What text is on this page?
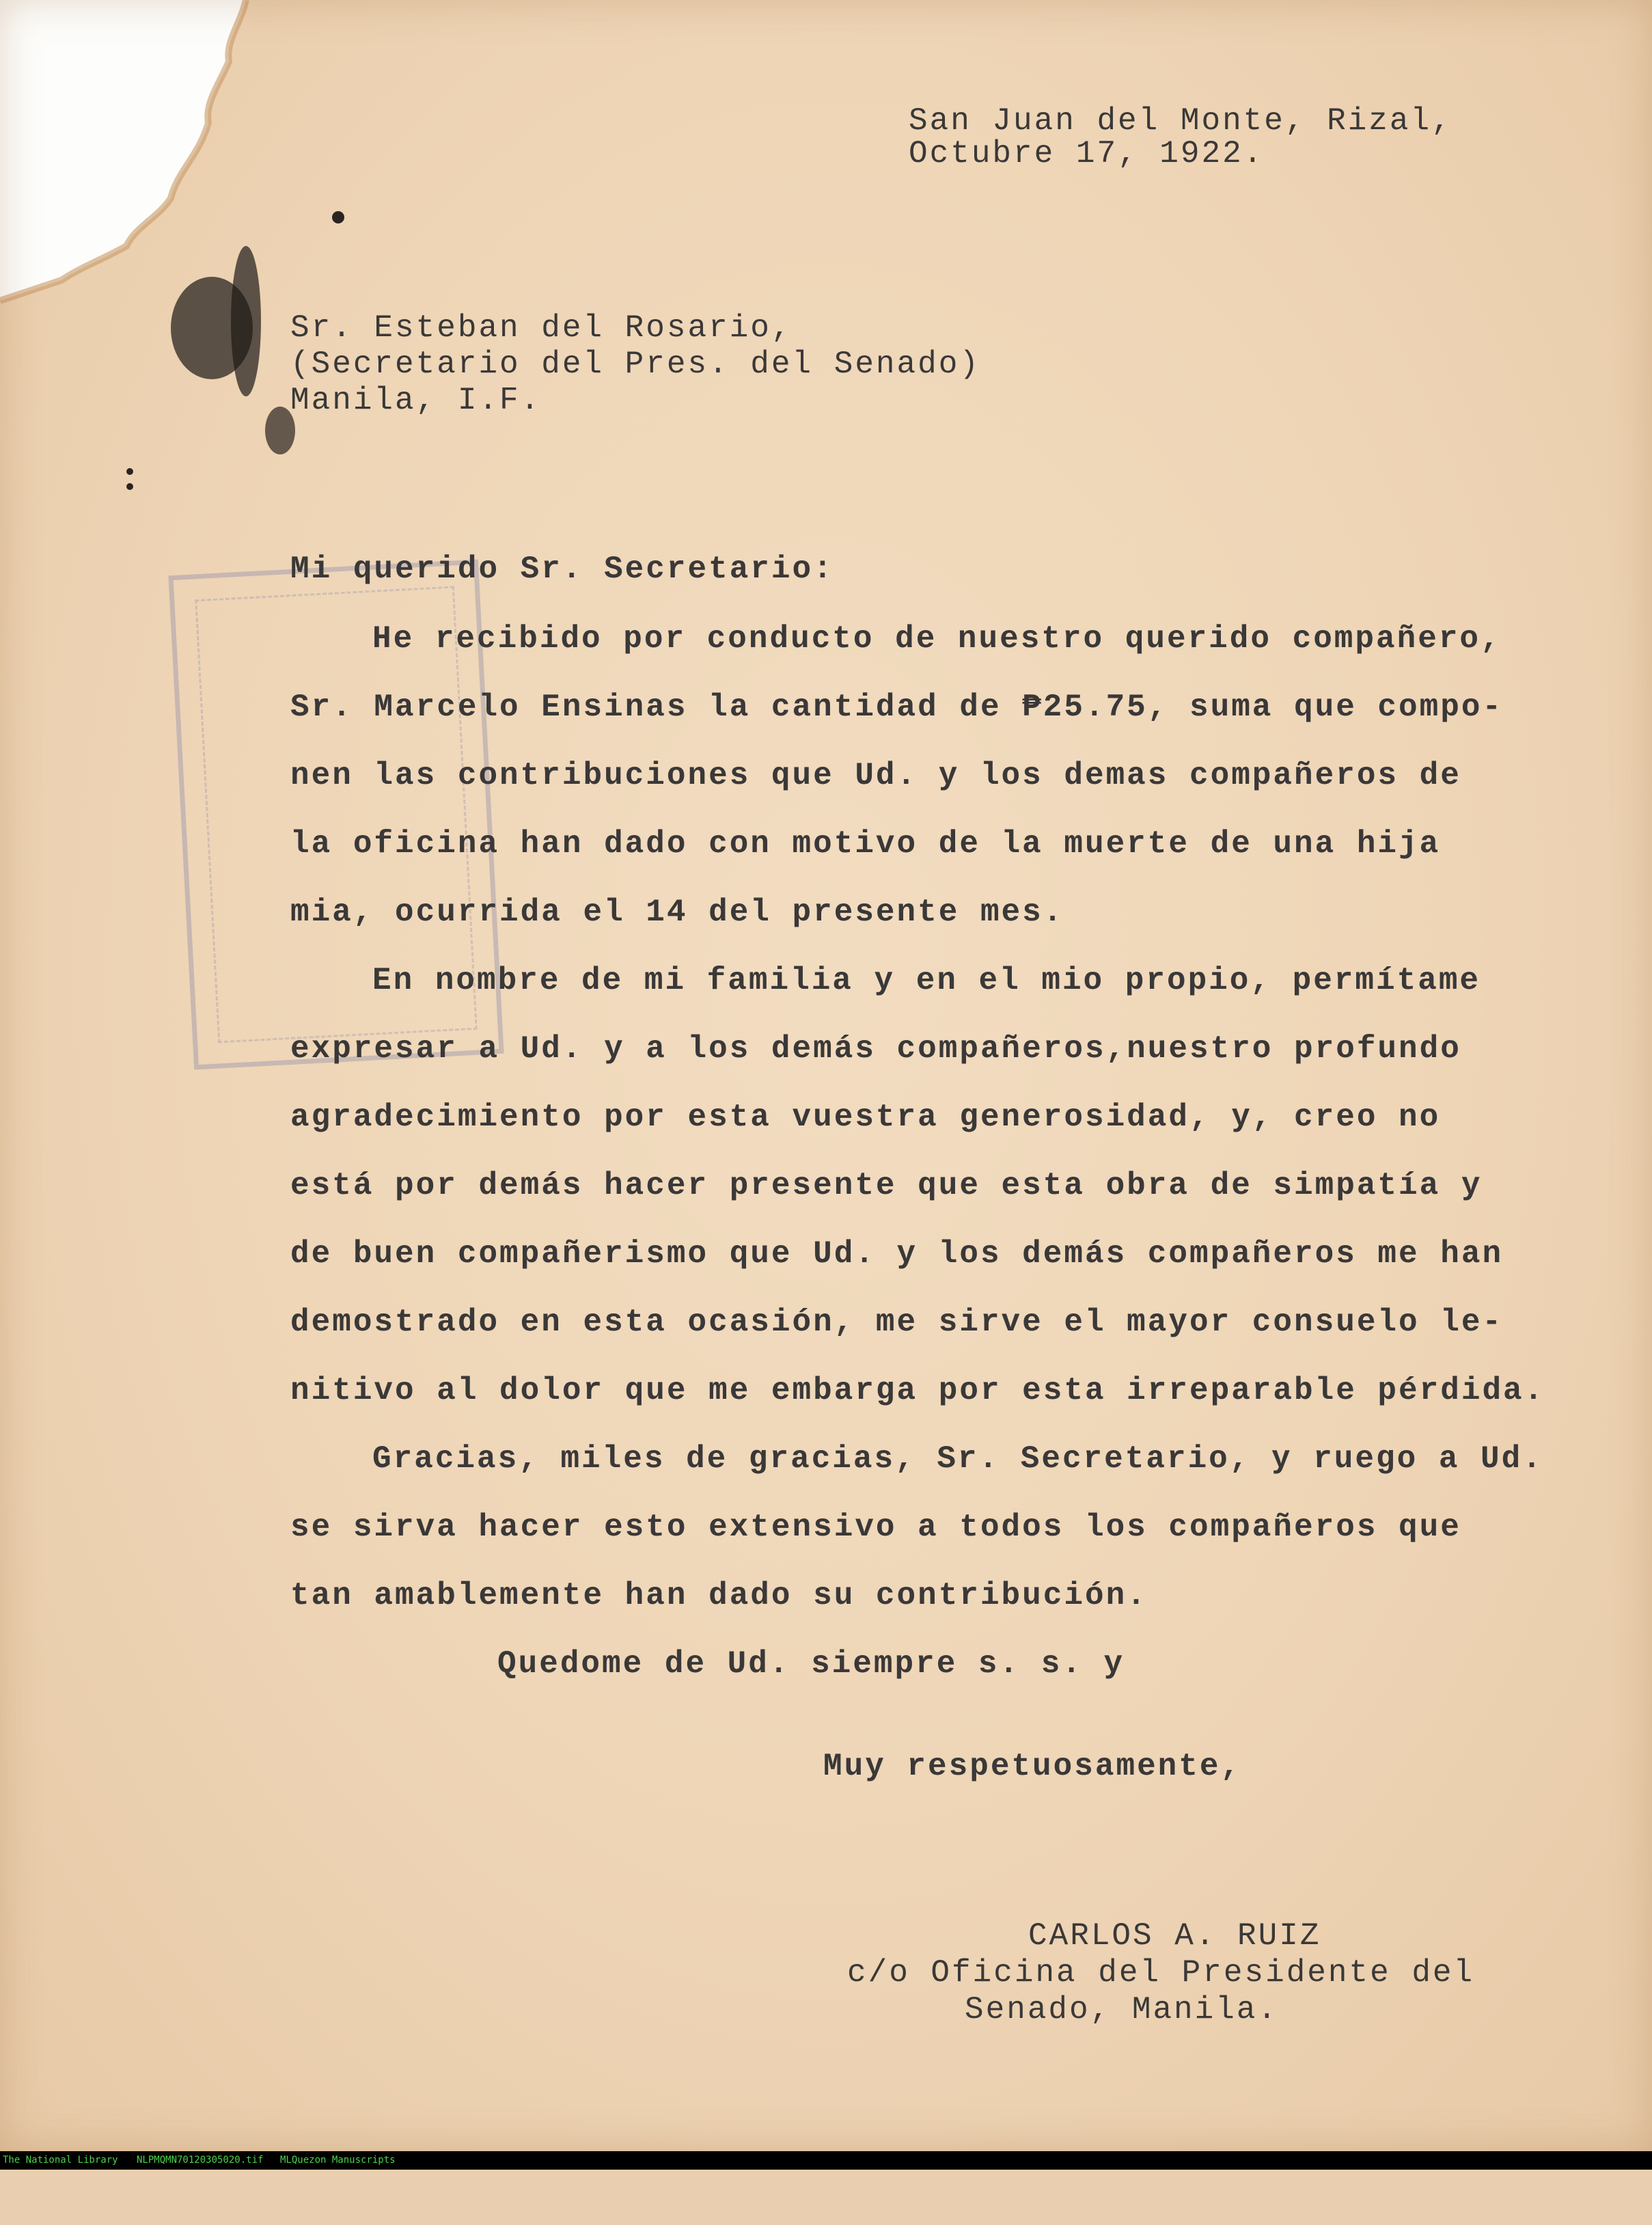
San Juan del Monte, Rizal,
Octubre 17, 1922.
Sr. Esteban del Rosario,
(Secretario del Pres. del Senado)
Manila, I.F.
Mi querido Sr. Secretario:
He recibido por conducto de nuestro querido compañero,
Sr. Marcelo Ensinas la cantidad de ₱25.75, suma que compo-
nen las contribuciones que Ud. y los demas compañeros de
la oficina han dado con motivo de la muerte de una hija
mia, ocurrida el 14 del presente mes.
En nombre de mi familia y en el mio propio, permítame
expresar a Ud. y a los demás compañeros,nuestro profundo
agradecimiento por esta vuestra generosidad, y, creo no
está por demás hacer presente que esta obra de simpatía y
de buen compañerismo que Ud. y los demás compañeros me han
demostrado en esta ocasión, me sirve el mayor consuelo le-
nitivo al dolor que me embarga por esta irreparable pérdida.
Gracias, miles de gracias, Sr. Secretario, y ruego a Ud.
se sirva hacer esto extensivo a todos los compañeros que
tan amablemente han dado su contribución.
Quedome de Ud. siempre s. s. y
Muy respetuosamente,
CARLOS A. RUIZ
c/o Oficina del Presidente del
Senado, Manila.

The National Library

NLPMQMN70120305020.tif

MLQuezon Manuscripts
